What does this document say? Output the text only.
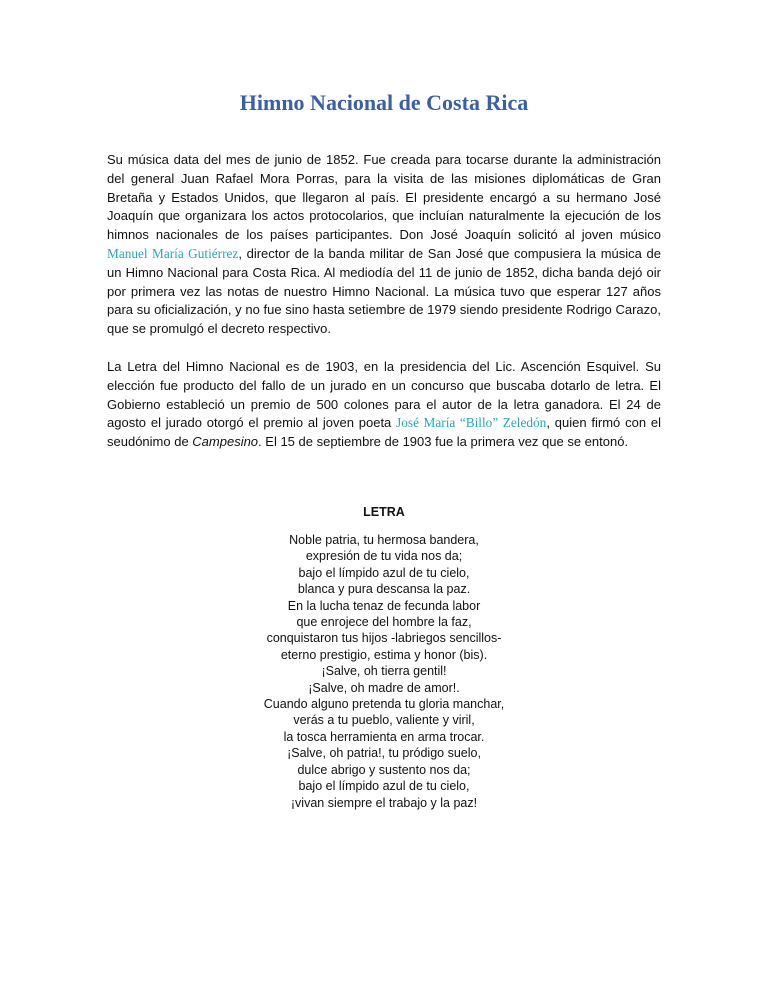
Himno Nacional de Costa Rica

Su música data del mes de junio de 1852. Fue creada para tocarse durante la administración del general Juan Rafael Mora Porras, para la visita de las misiones diplomáticas de Gran Bretaña y Estados Unidos, que llegaron al país. El presidente encargó a su hermano José Joaquín que organizara los actos protocolarios, que incluían naturalmente la ejecución de los himnos nacionales de los países participantes. Don José Joaquín solicitó al joven músico Manuel María Gutiérrez, director de la banda militar de San José que compusiera la música de un Himno Nacional para Costa Rica. Al mediodía del 11 de junio de 1852, dicha banda dejó oir por primera vez las notas de nuestro Himno Nacional. La música tuvo que esperar 127 años para su oficialización, y no fue sino hasta setiembre de 1979 siendo presidente Rodrigo Carazo, que se promulgó el decreto respectivo.

La Letra del Himno Nacional es de 1903, en la presidencia del Lic. Ascención Esquivel. Su elección fue producto del fallo de un jurado en un concurso que buscaba dotarlo de letra. El Gobierno estableció un premio de 500 colones para el autor de la letra ganadora. El 24 de agosto el jurado otorgó el premio al joven poeta José María “Billo” Zeledón, quien firmó con el seudónimo de Campesino. El 15 de septiembre de 1903 fue la primera vez que se entonó.

LETRA
Noble patria, tu hermosa bandera,
expresión de tu vida nos da;
bajo el límpido azul de tu cielo,
blanca y pura descansa la paz.
En la lucha tenaz de fecunda labor
que enrojece del hombre la faz,
conquistaron tus hijos -labriegos sencillos-
eterno prestigio, estima y honor (bis).
¡Salve, oh tierra gentil!
¡Salve, oh madre de amor!.
Cuando alguno pretenda tu gloria manchar,
verás a tu pueblo, valiente y viril,
la tosca herramienta en arma trocar.
¡Salve, oh patria!, tu pródigo suelo,
dulce abrigo y sustento nos da;
bajo el límpido azul de tu cielo,
¡vivan siempre el trabajo y la paz!
